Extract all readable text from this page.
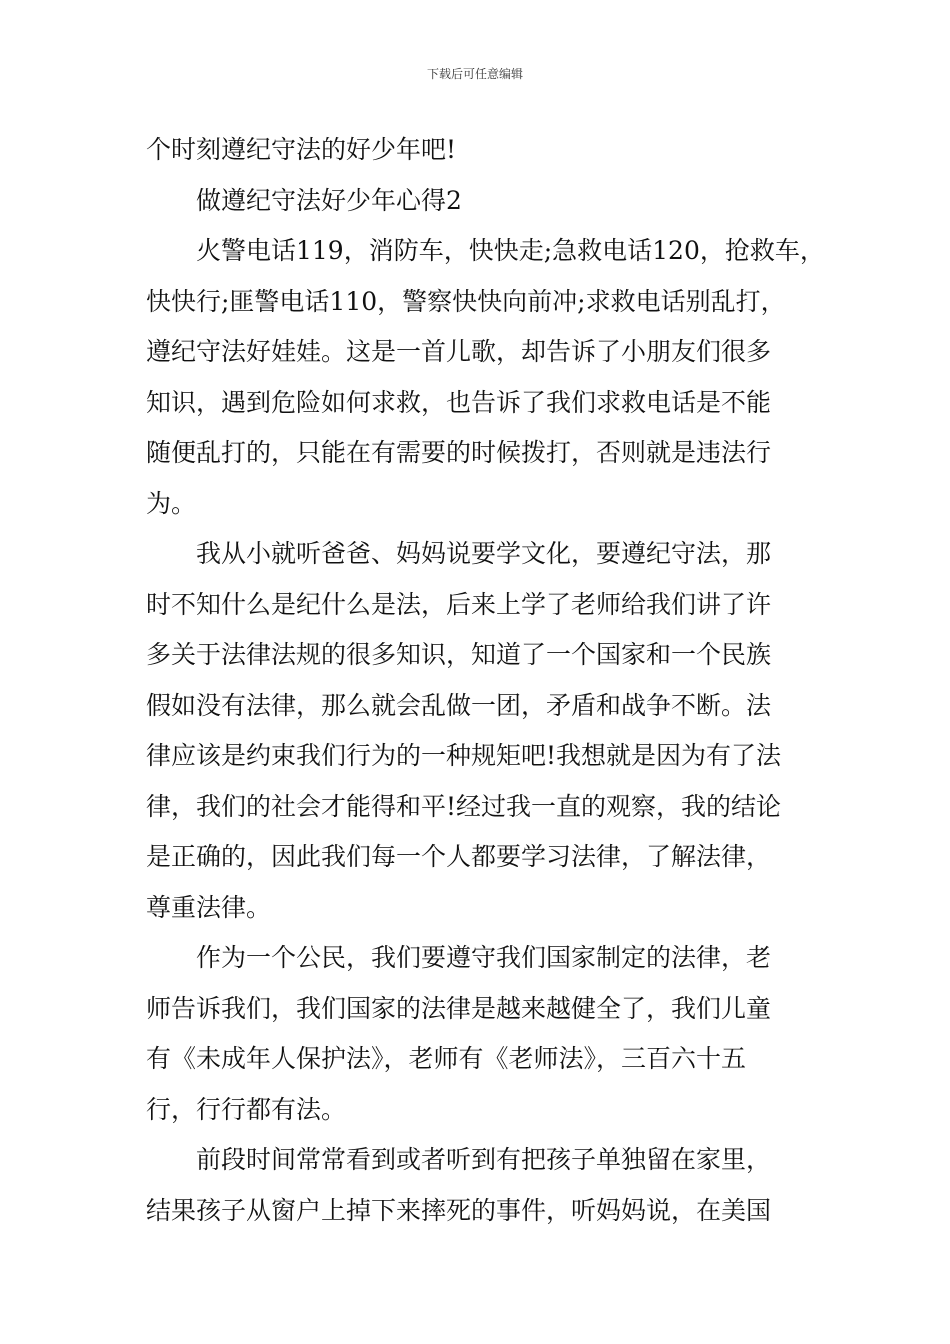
下载后可任意编辑
个时刻遵纪守法的好少年吧!
做遵纪守法好少年心得2
火警电话119，消防车，快快走;急救电话120，抢救车，
快快行;匪警电话110，警察快快向前冲;求救电话别乱打，
遵纪守法好娃娃。这是一首儿歌，却告诉了小朋友们很多
知识，遇到危险如何求救，也告诉了我们求救电话是不能
随便乱打的，只能在有需要的时候拨打，否则就是违法行
为。
我从小就听爸爸、妈妈说要学文化，要遵纪守法，那
时不知什么是纪什么是法，后来上学了老师给我们讲了许
多关于法律法规的很多知识，知道了一个国家和一个民族
假如没有法律，那么就会乱做一团，矛盾和战争不断。法
律应该是约束我们行为的一种规矩吧!我想就是因为有了法
律，我们的社会才能得和平!经过我一直的观察，我的结论
是正确的，因此我们每一个人都要学习法律，了解法律，
尊重法律。
作为一个公民，我们要遵守我们国家制定的法律，老
师告诉我们，我们国家的法律是越来越健全了，我们儿童
有《未成年人保护法》，老师有《老师法》，三百六十五
行，行行都有法。
前段时间常常看到或者听到有把孩子单独留在家里，
结果孩子从窗户上掉下来摔死的事件，听妈妈说，在美国
